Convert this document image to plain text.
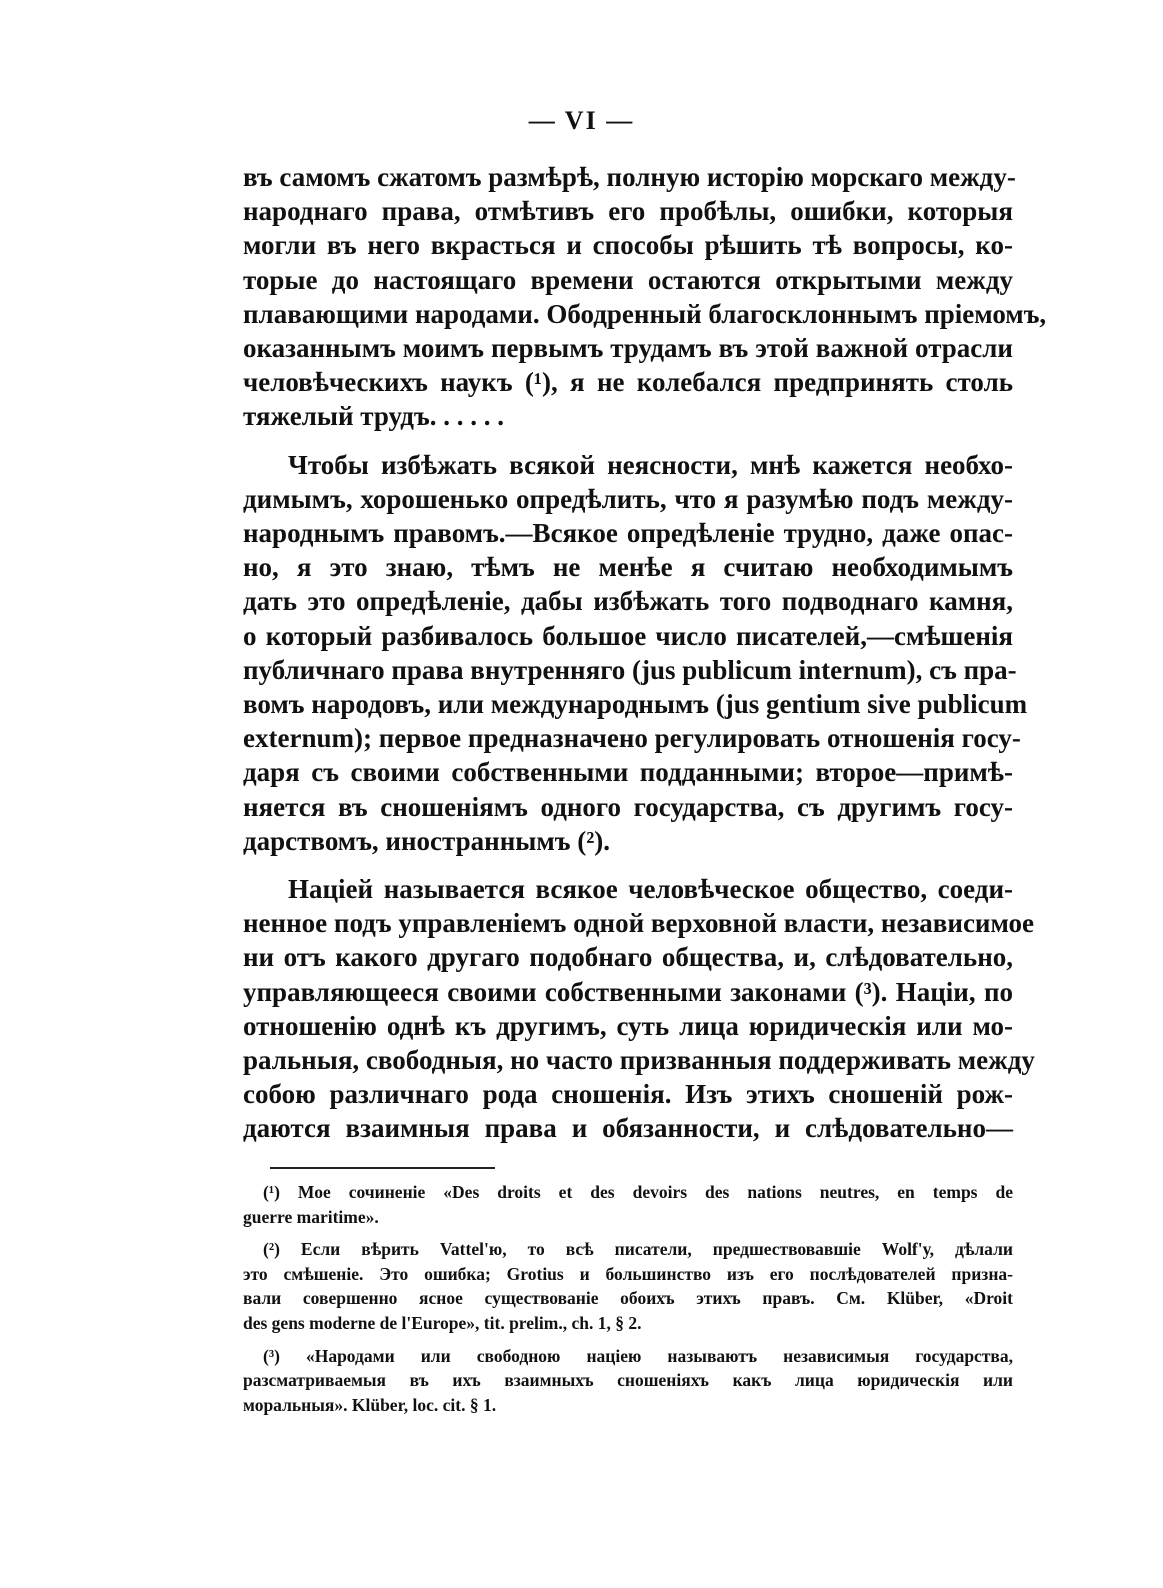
— VI —
въ самомъ сжатомъ размѣрѣ, полную исторію морскаго между-
народнаго права, отмѣтивъ его пробѣлы, ошибки, которыя
могли въ него вкрасться и способы рѣшить тѣ вопросы, ко-
торые до настоящаго времени остаются открытыми между
плавающими народами. Ободренный благосклоннымъ пріемомъ,
оказаннымъ моимъ первымъ трудамъ въ этой важной отрасли
человѣческихъ наукъ (¹), я не колебался предпринять столь
тяжелый трудъ. . . . . .
Чтобы избѣжать всякой неясности, мнѣ кажется необхо-
димымъ, хорошенько опредѣлить, что я разумѣю подъ между-
народнымъ правомъ.—Всякое опредѣленіе трудно, даже опас-
но, я это знаю, тѣмъ не менѣе я считаю необходимымъ
дать это опредѣленіе, дабы избѣжать того подводнаго камня,
о который разбивалось большое число писателей,—смѣшенія
публичнаго права внутренняго (jus publicum internum), съ пра-
вомъ народовъ, или международнымъ (jus gentium sive publicum
externum); первое предназначено регулировать отношенія госу-
даря съ своими собственными подданными; второе—примѣ-
няется въ сношеніямъ одного государства, съ другимъ госу-
дарствомъ, иностраннымъ (²).
Націей называется всякое человѣческое общество, соеди-
ненное подъ управленіемъ одной верховной власти, независимое
ни отъ какого другаго подобнаго общества, и, слѣдовательно,
управляющееся своими собственными законами (³). Націи, по
отношенію однѣ къ другимъ, суть лица юридическія или мо-
ральныя, свободныя, но часто призванныя поддерживать между
собою различнаго рода сношенія. Изъ этихъ сношеній рож-
даются взаимныя права и обязанности, и слѣдовательно—
(¹) Мое сочиненіе «Des droits et des devoirs des nations neutres, en temps de
guerre maritime».
(²) Если вѣрить Vattel'ю, то всѣ писатели, предшествовавшіе Wolf'у, дѣлали
это смѣшеніе. Это ошибка; Grotius и большинство изъ его послѣдователей призна-
вали совершенно ясное существованіе обоихъ этихъ правъ. См. Klüber, «Droit
des gens moderne de l'Europe», tit. prelim., ch. 1, § 2.
(³) «Народами или свободною націею называютъ независимыя государства,
разсматриваемыя въ ихъ взаимныхъ сношеніяхъ какъ лица юридическія или
моральныя». Klüber, loc. cit. § 1.
